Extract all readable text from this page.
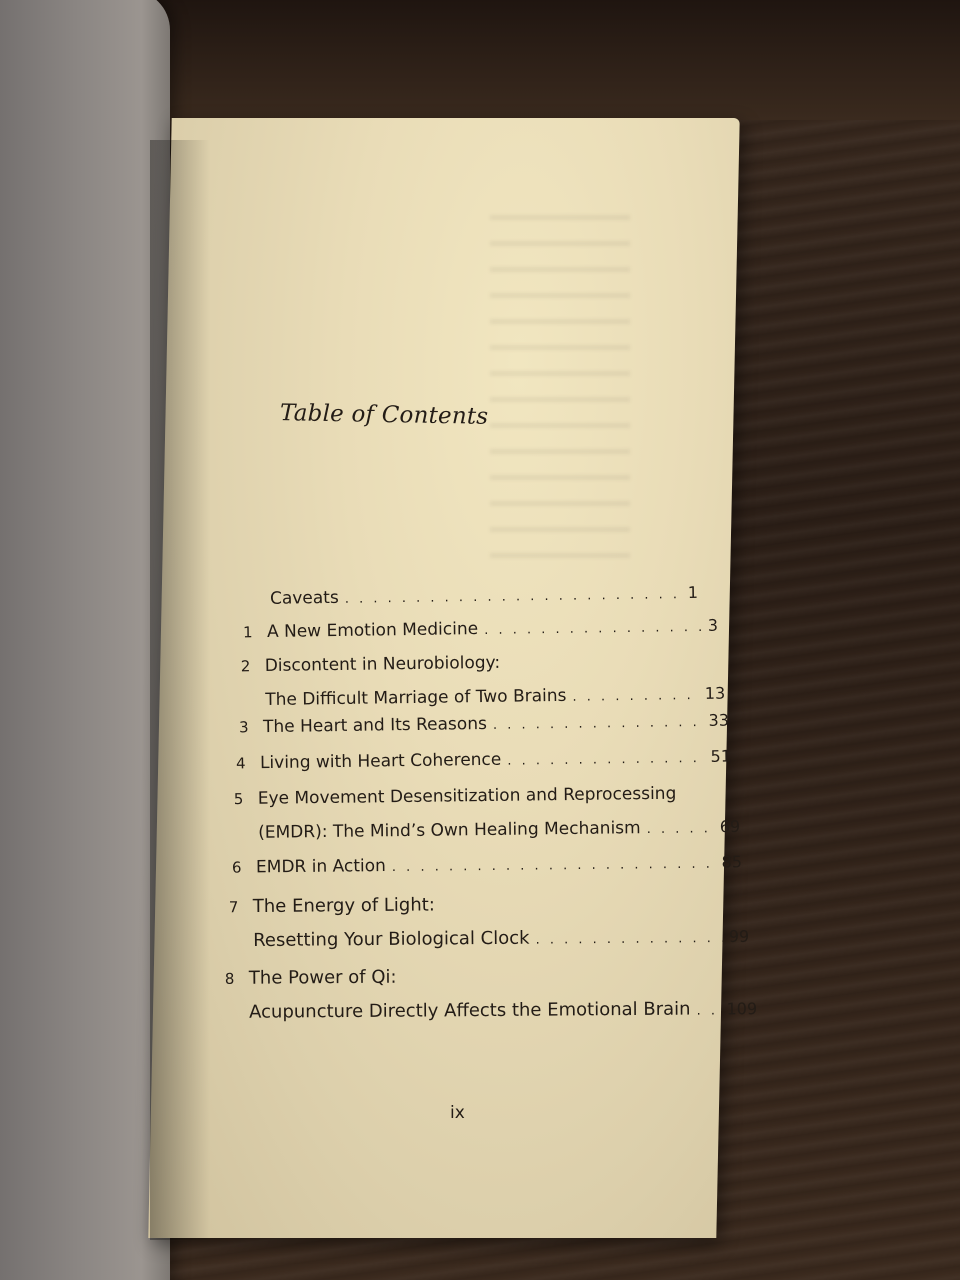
Table of Contents
Caveats . . .	1
1 A New Emotion Medicine . . .	3
2 Discontent in Neurobiology:
The Difficult Marriage of Two Brains . . .	13
3 The Heart and Its Reasons . . .	33
4 Living with Heart Coherence . . .	51
5 Eye Movement Desensitization and Reprocessing
(EMDR): The Mind’s Own Healing Mechanism . . .	69
6 EMDR in Action . . .	85
7 The Energy of Light:
Resetting Your Biological Clock . . .	99
8 The Power of Qi:
Acupuncture Directly Affects the Emotional Brain . . . 109
ix
